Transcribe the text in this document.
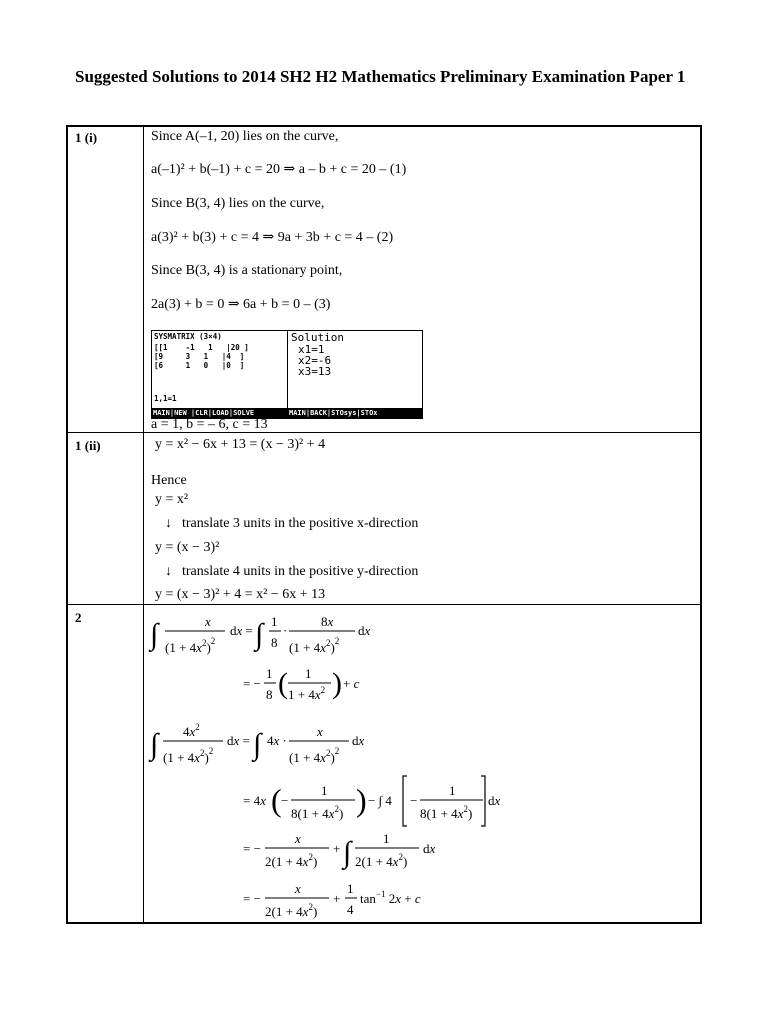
Suggested Solutions to 2014 SH2 H2 Mathematics Preliminary Examination Paper 1
1 (i)	Since A(–1, 20) lies on the curve,
a(–1)² + b(–1) + c = 20 ⇒ a – b + c = 20 – (1)
Since B(3, 4) lies on the curve,
a(3)² + b(3) + c = 4 ⇒ 9a + 3b + c = 4 – (2)
Since B(3, 4) is a stationary point,
2a(3) + b = 0 ⇒ 6a + b = 0 – (3)
SYSMATRIX (3×4)
[[1    -1   1   |20 ]
[9     3   1   |4  ]
[6     1   0   |0  ]
1,1=1
MAIN|NEW |CLR|LOAD|SOLVE
Solution
x1=1
x2=-6
x3=13
MAIN|BACK|STOsys|STOx
a = 1, b = – 6, c = 13
1 (ii)	y = x² − 6x + 13 = (x − 3)² + 4
Hence
y = x²
↓ translate 3 units in the positive x-direction
y = (x − 3)²
↓ translate 4 units in the positive y-direction
y = (x − 3)² + 4 = x² − 6x + 13
2
∫	x
$(1 + 4x^2)^2$
dx = ∫ 1
8
·
8x
$(1 + 4x^2)^2$
dx
= −
1
8 ( 1
$1 + 4x^2$ ) + c
∫ $4x^2$
$(1 + 4x^2)^2$
dx = ∫ 4x ·
x
$(1 + 4x^2)^2$
dx
= 4x ( −
1
$8(1 + 4x^2)$ ) − ∫ 4 −
1
$8(1 + 4x^2)$
dx
= −
x
$2(1 + 4x^2)$
+ ∫ 1
$2(1 + 4x^2)$
dx
= −
x
$2(1 + 4x^2)$
+
1
4
$\tan^{-1} 2x + c$
